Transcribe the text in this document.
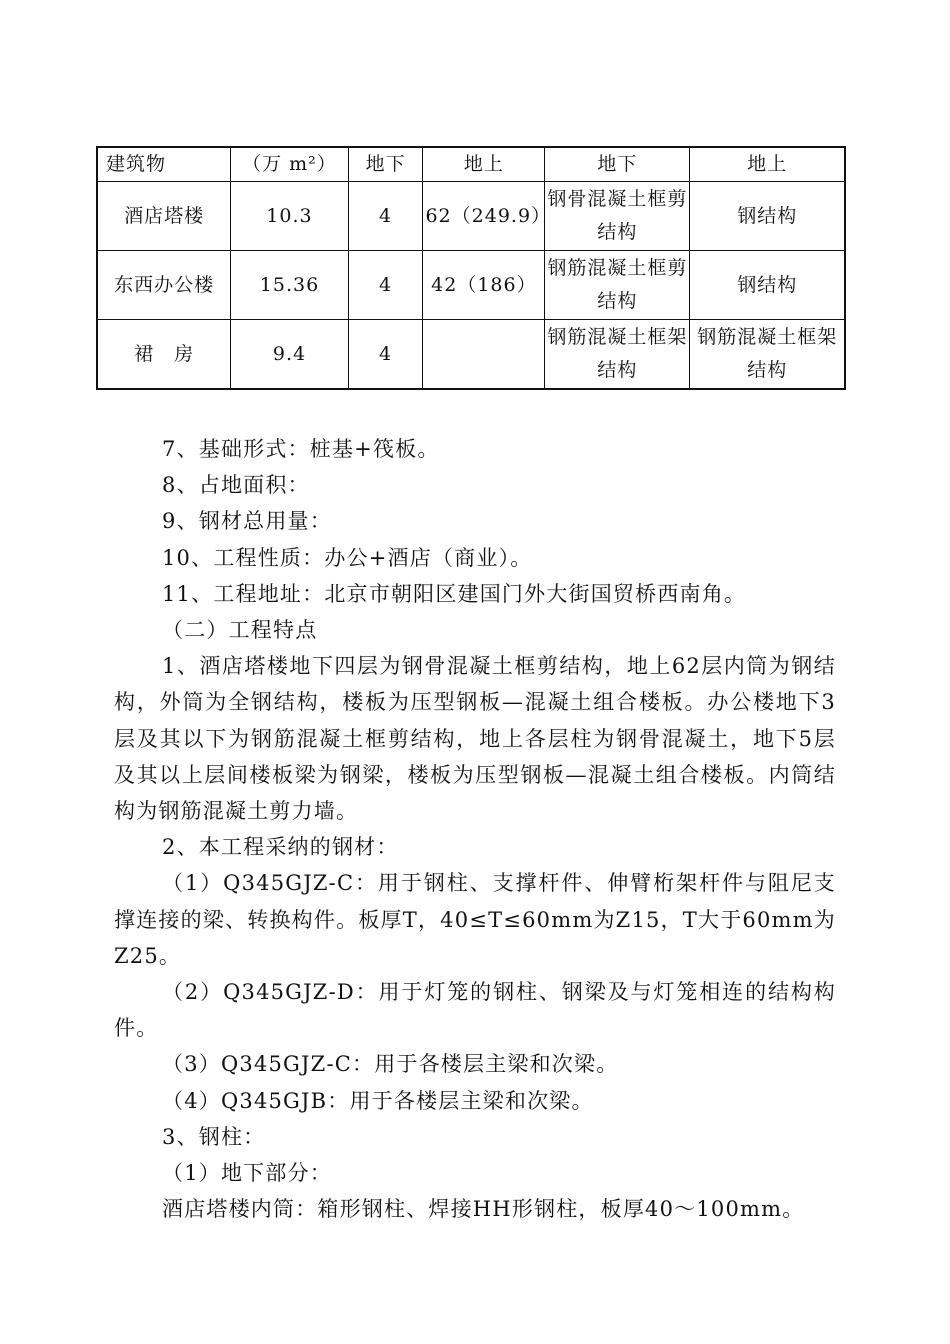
建筑物	（万 m²）	地下	地上	地下	地上
酒店塔楼	10.3	4	62（249.9）	钢骨混凝土框剪结构	钢结构
东西办公楼	15.36	4	42（186）	钢筋混凝土框剪结构	钢结构
裙　房	9.4	4		钢筋混凝土框架结构	钢筋混凝土框架结构

7、基础形式：桩基+筏板。

8、占地面积：

9、钢材总用量：

10、工程性质：办公+酒店（商业）。

11、工程地址：北京市朝阳区建国门外大街国贸桥西南角。

（二）工程特点

1、酒店塔楼地下四层为钢骨混凝土框剪结构，地上62层内筒为钢结构，外筒为全钢结构，楼板为压型钢板—混凝土组合楼板。办公楼地下3层及其以下为钢筋混凝土框剪结构，地上各层柱为钢骨混凝土，地下5层及其以上层间楼板梁为钢梁，楼板为压型钢板—混凝土组合楼板。内筒结构为钢筋混凝土剪力墙。

2、本工程采纳的钢材：

（1）Q345GJZ-C：用于钢柱、支撑杆件、伸臂桁架杆件与阻尼支撑连接的梁、转换构件。板厚T，40≤T≤60mm为Z15，T大于60mm为Z25。

（2）Q345GJZ-D：用于灯笼的钢柱、钢梁及与灯笼相连的结构构件。

（3）Q345GJZ-C：用于各楼层主梁和次梁。

（4）Q345GJB：用于各楼层主梁和次梁。

3、钢柱：

（1）地下部分：

酒店塔楼内筒：箱形钢柱、焊接HH形钢柱，板厚40～100mm。
